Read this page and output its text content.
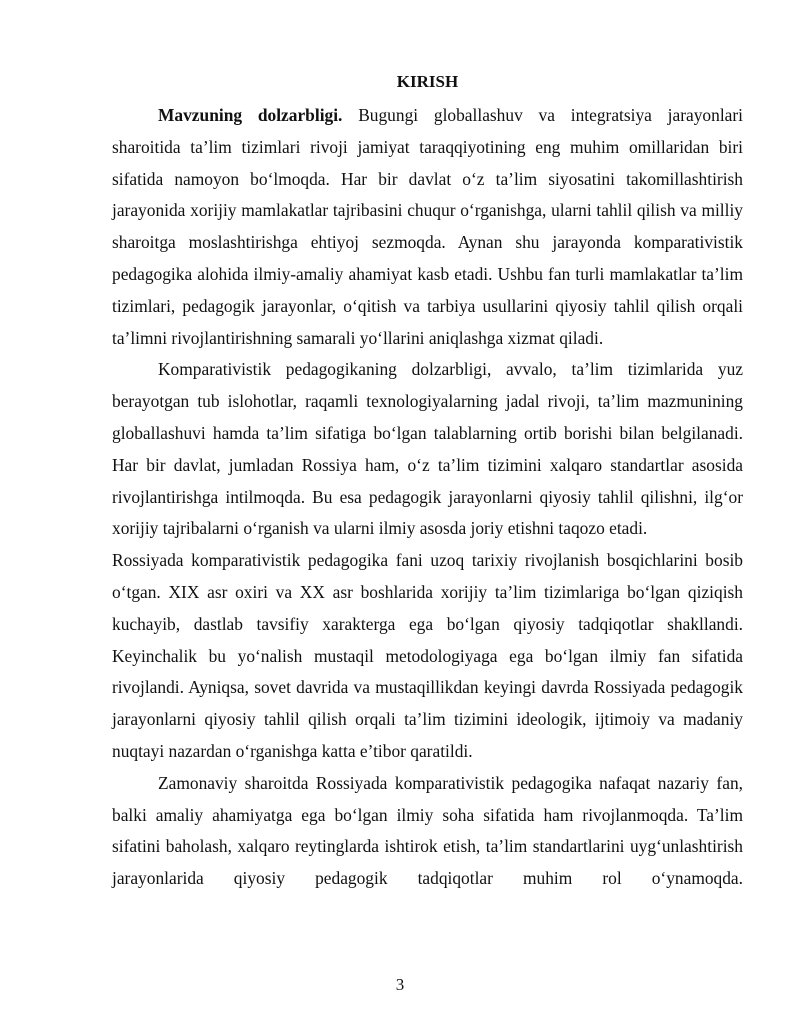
KIRISH

Mavzuning dolzarbligi. Bugungi globallashuv va integratsiya jarayonlari sharoitida ta’lim tizimlari rivoji jamiyat taraqqiyotining eng muhim omillaridan biri sifatida namoyon bo‘lmoqda. Har bir davlat o‘z ta’lim siyosatini takomillashtirish jarayonida xorijiy mamlakatlar tajribasini chuqur o‘rganishga, ularni tahlil qilish va milliy sharoitga moslashtirishga ehtiyoj sezmoqda. Aynan shu jarayonda komparativistik pedagogika alohida ilmiy-amaliy ahamiyat kasb etadi. Ushbu fan turli mamlakatlar ta’lim tizimlari, pedagogik jarayonlar, o‘qitish va tarbiya usullarini qiyosiy tahlil qilish orqali ta’limni rivojlantirishning samarali yo‘llarini aniqlashga xizmat qiladi.

Komparativistik pedagogikaning dolzarbligi, avvalo, ta’lim tizimlarida yuz berayotgan tub islohotlar, raqamli texnologiyalarning jadal rivoji, ta’lim mazmunining globallashuvi hamda ta’lim sifatiga bo‘lgan talablarning ortib borishi bilan belgilanadi. Har bir davlat, jumladan Rossiya ham, o‘z ta’lim tizimini xalqaro standartlar asosida rivojlantirishga intilmoqda. Bu esa pedagogik jarayonlarni qiyosiy tahlil qilishni, ilg‘or xorijiy tajribalarni o‘rganish va ularni ilmiy asosda joriy etishni taqozo etadi.

Rossiyada komparativistik pedagogika fani uzoq tarixiy rivojlanish bosqichlarini bosib o‘tgan. XIX asr oxiri va XX asr boshlarida xorijiy ta’lim tizimlariga bo‘lgan qiziqish kuchayib, dastlab tavsifiy xarakterga ega bo‘lgan qiyosiy tadqiqotlar shakllandi. Keyinchalik bu yo‘nalish mustaqil metodologiyaga ega bo‘lgan ilmiy fan sifatida rivojlandi. Ayniqsa, sovet davrida va mustaqillikdan keyingi davrda Rossiyada pedagogik jarayonlarni qiyosiy tahlil qilish orqali ta’lim tizimini ideologik, ijtimoiy va madaniy nuqtayi nazardan o‘rganishga katta e’tibor qaratildi.

Zamonaviy sharoitda Rossiyada komparativistik pedagogika nafaqat nazariy fan, balki amaliy ahamiyatga ega bo‘lgan ilmiy soha sifatida ham rivojlanmoqda. Ta’lim sifatini baholash, xalqaro reytinglarda ishtirok etish, ta’lim standartlarini uyg‘unlashtirish jarayonlarida qiyosiy pedagogik tadqiqotlar muhim rol o‘ynamoqda.

3
